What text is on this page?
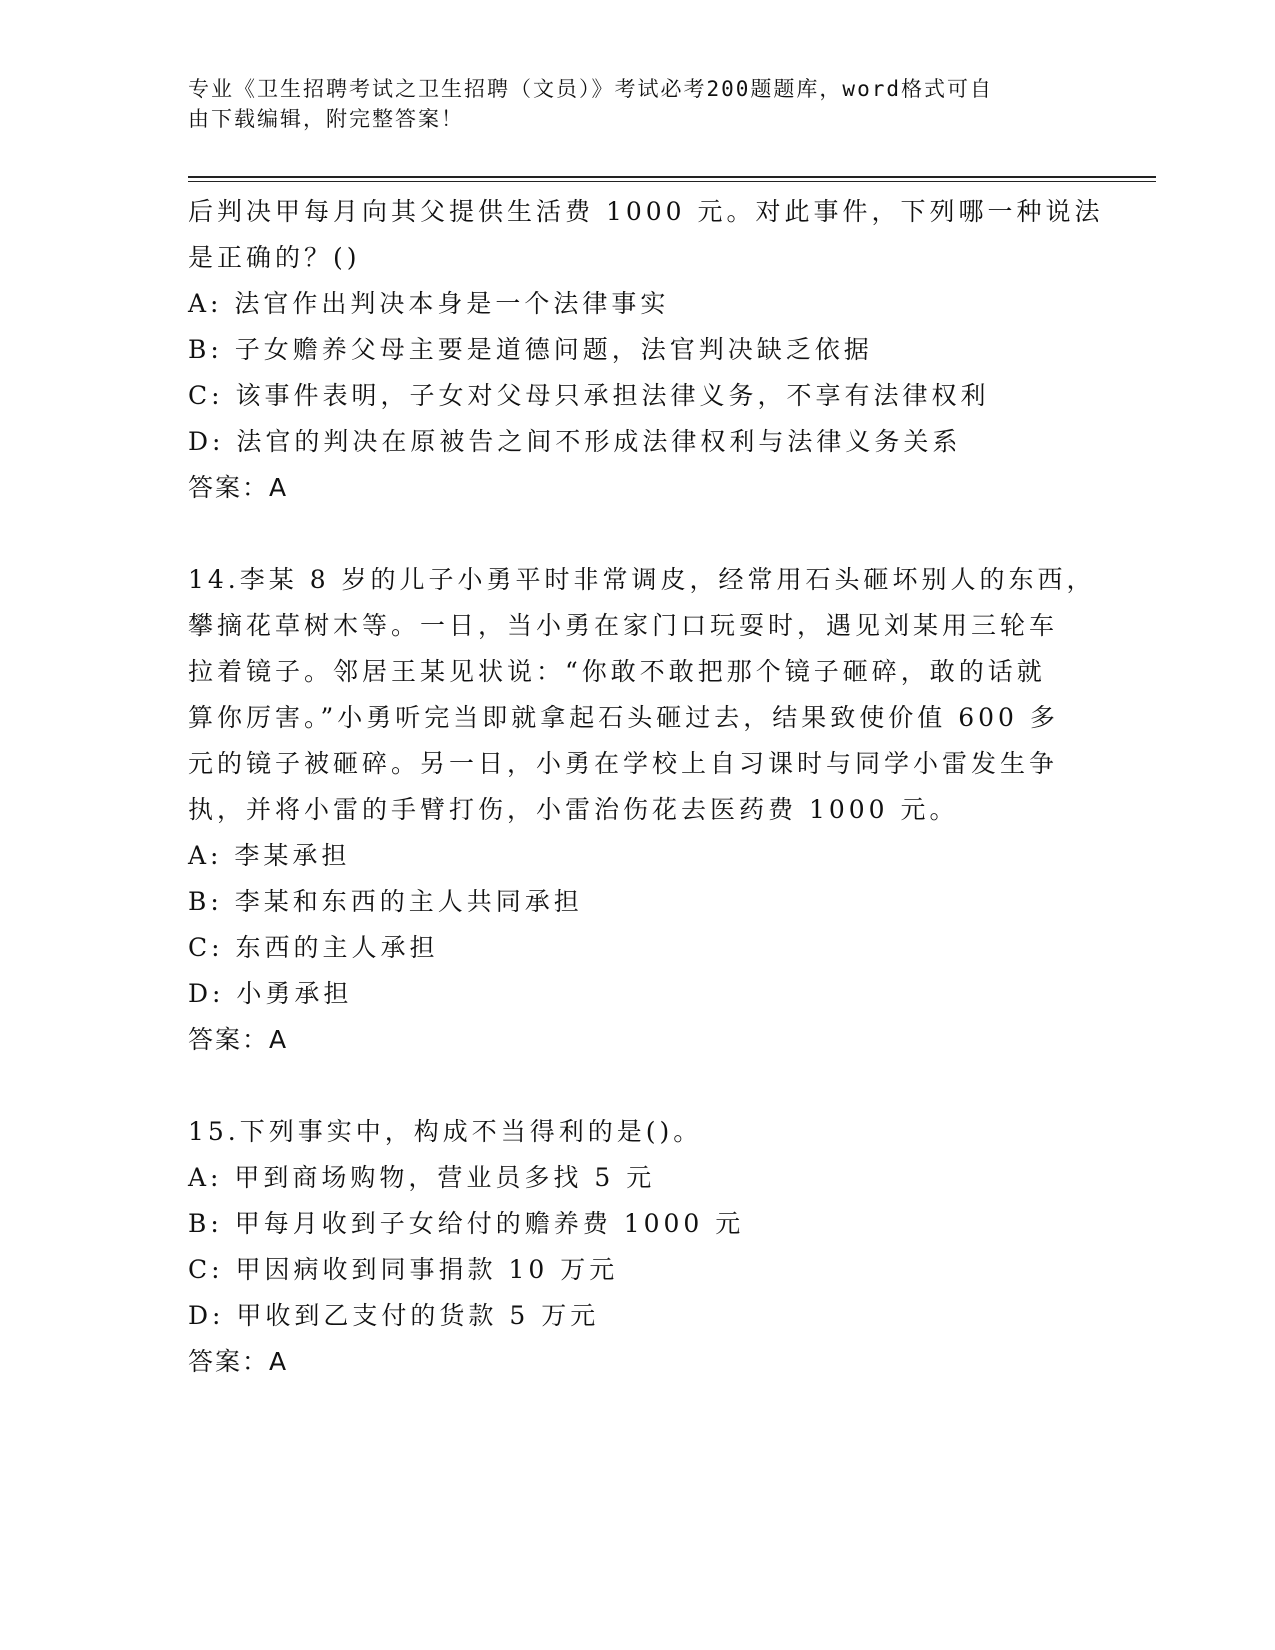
专业《卫生招聘考试之卫生招聘（文员）》考试必考200题题库，word格式可自
由下载编辑，附完整答案！
后判决甲每月向其父提供生活费 1000 元。对此事件，下列哪一种说法
是正确的？()
A: 法官作出判决本身是一个法律事实
B: 子女赡养父母主要是道德问题，法官判决缺乏依据
C: 该事件表明，子女对父母只承担法律义务，不享有法律权利
D: 法官的判决在原被告之间不形成法律权利与法律义务关系
答案：A
14.李某 8 岁的儿子小勇平时非常调皮，经常用石头砸坏别人的东西，
攀摘花草树木等。一日，当小勇在家门口玩耍时，遇见刘某用三轮车
拉着镜子。邻居王某见状说：“你敢不敢把那个镜子砸碎，敢的话就
算你厉害。”小勇听完当即就拿起石头砸过去，结果致使价值 600 多
元的镜子被砸碎。另一日，小勇在学校上自习课时与同学小雷发生争
执，并将小雷的手臂打伤，小雷治伤花去医药费 1000 元。
A: 李某承担
B: 李某和东西的主人共同承担
C: 东西的主人承担
D: 小勇承担
答案：A
15.下列事实中，构成不当得利的是()。
A: 甲到商场购物，营业员多找 5 元
B: 甲每月收到子女给付的赡养费 1000 元
C: 甲因病收到同事捐款 10 万元
D: 甲收到乙支付的货款 5 万元
答案：A
